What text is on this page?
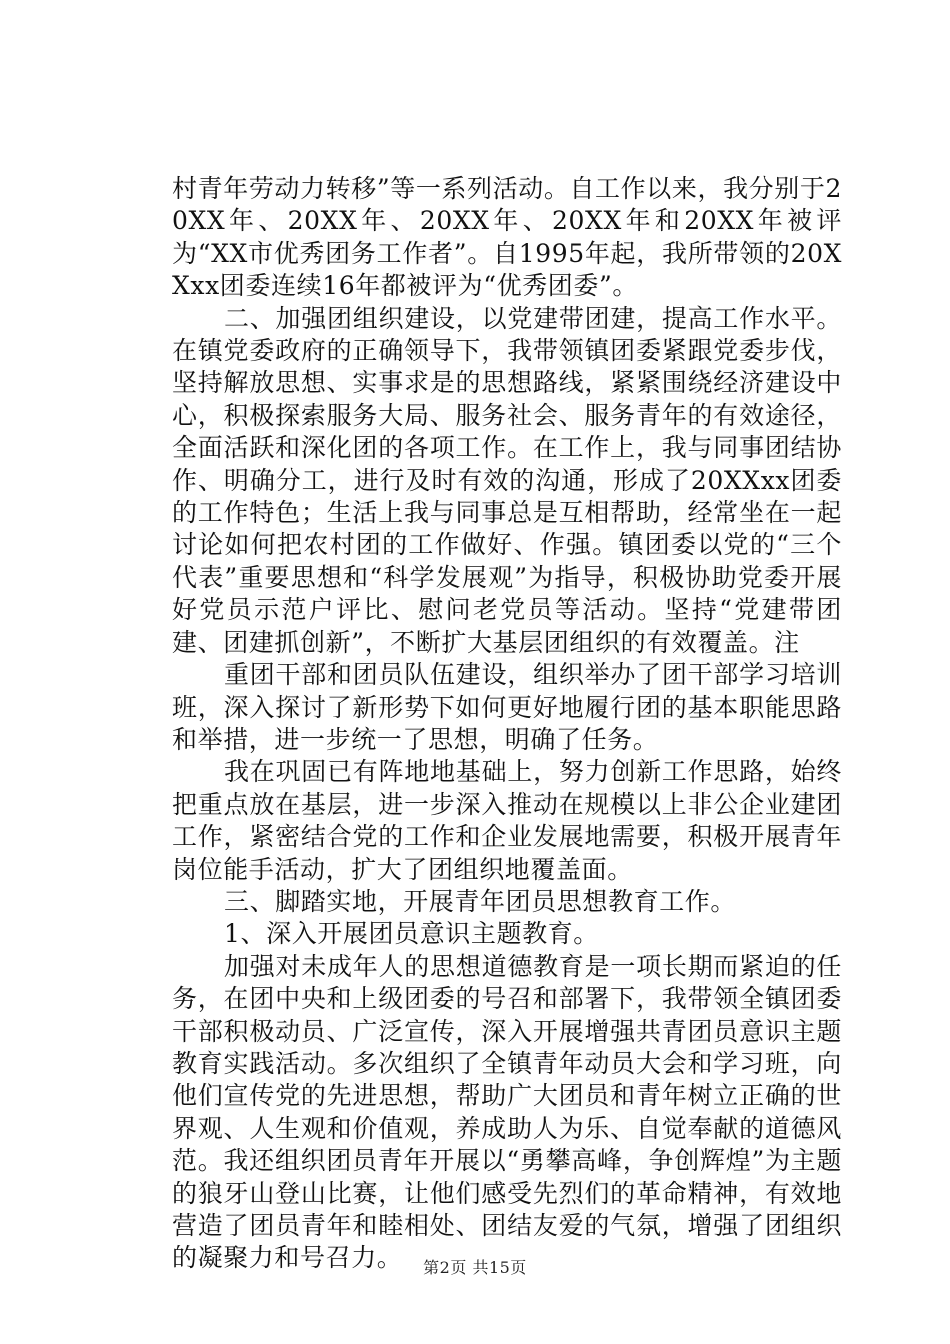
村青年劳动力转移”等一系列活动。自工作以来，我分别于20XX年、20XX年、20XX年、20XX年和20XX年被评为“XX市优秀团务工作者”。自1995年起，我所带领的20XXxx团委连续16年都被评为“优秀团委”。

二、加强团组织建设，以党建带团建，提高工作水平。在镇党委政府的正确领导下，我带领镇团委紧跟党委步伐，坚持解放思想、实事求是的思想路线，紧紧围绕经济建设中心，积极探索服务大局、服务社会、服务青年的有效途径，全面活跃和深化团的各项工作。在工作上，我与同事团结协作、明确分工，进行及时有效的沟通，形成了20XXxx团委的工作特色；生活上我与同事总是互相帮助，经常坐在一起讨论如何把农村团的工作做好、作强。镇团委以党的“三个代表”重要思想和“科学发展观”为指导，积极协助党委开展好党员示范户评比、慰问老党员等活动。坚持“党建带团建、团建抓创新”，不断扩大基层团组织的有效覆盖。注

重团干部和团员队伍建设，组织举办了团干部学习培训班，深入探讨了新形势下如何更好地履行团的基本职能思路和举措，进一步统一了思想，明确了任务。

我在巩固已有阵地地基础上，努力创新工作思路，始终把重点放在基层，进一步深入推动在规模以上非公企业建团工作，紧密结合党的工作和企业发展地需要，积极开展青年岗位能手活动，扩大了团组织地覆盖面。

三、脚踏实地，开展青年团员思想教育工作。

1、深入开展团员意识主题教育。

加强对未成年人的思想道德教育是一项长期而紧迫的任务，在团中央和上级团委的号召和部署下，我带领全镇团委干部积极动员、广泛宣传，深入开展增强共青团员意识主题教育实践活动。多次组织了全镇青年动员大会和学习班，向他们宣传党的先进思想，帮助广大团员和青年树立正确的世界观、人生观和价值观，养成助人为乐、自觉奉献的道德风范。我还组织团员青年开展以“勇攀高峰，争创辉煌”为主题的狼牙山登山比赛，让他们感受先烈们的革命精神，有效地营造了团员青年和睦相处、团结友爱的气氛，增强了团组织的凝聚力和号召力。	第2页 共15页
